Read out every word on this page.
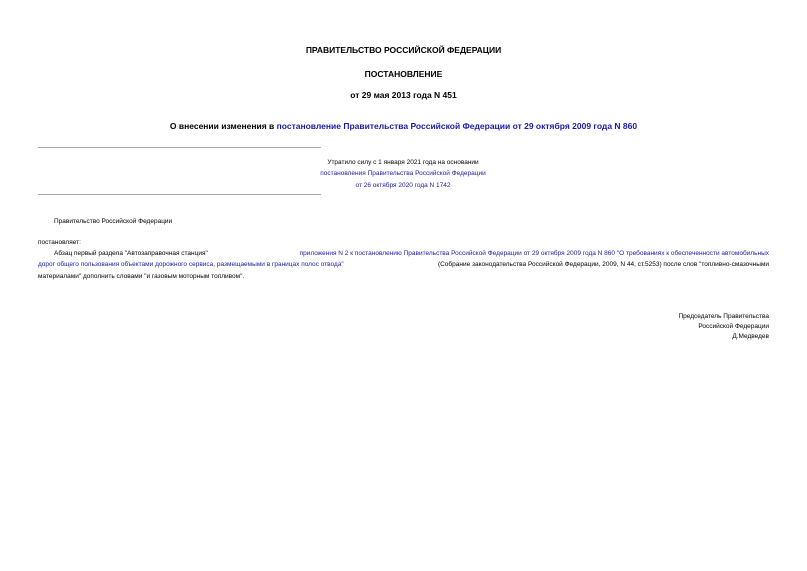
ПРАВИТЕЛЬСТВО РОССИЙСКОЙ ФЕДЕРАЦИИ
ПОСТАНОВЛЕНИЕ
от 29 мая 2013 года N 451
О внесении изменения в постановление Правительства Российской Федерации от 29 октября 2009 года N 860
Утратило силу с 1 января 2021 года на основании
постановления Правительства Российской Федерации
от 26 октября 2020 года N 1742
Правительство Российской Федерации
постановляет:
Абзац первый раздела "Автозаправочная станция"	приложения N 2 к постановлению Правительства Российской Федерации от 29 октября 2009 года N 860 "О требованиях к обеспеченности автомобильных
дорог общего пользования объектами дорожного сервиса, размещаемыми в границах полос отвода"	(Собрание законодательства Российской Федерации, 2009, N 44, ст.5253) после слов "топливно-смазочными
материалами" дополнить словами "и газовым моторным топливом".
Председатель Правительства
Российской Федерации
Д.Медведев
